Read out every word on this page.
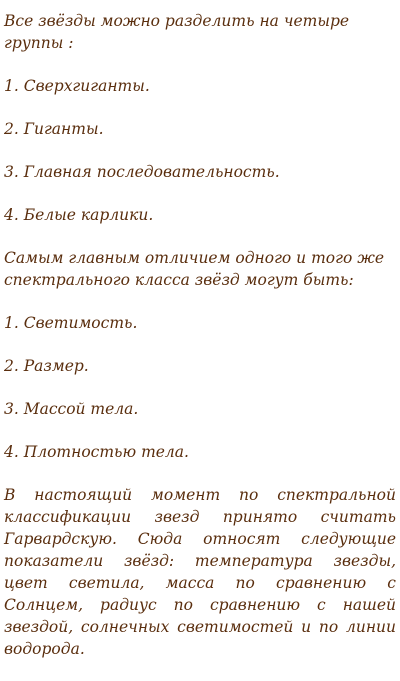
Все звёзды можно разделить на четыре группы :

1. Сверхгиганты.

2. Гиганты.

3. Главная последовательность.

4. Белые карлики.

Самым главным отличием одного и того же спектрального класса звёзд могут быть:

1. Светимость.

2. Размер.

3. Массой тела.

4. Плотностью тела.

В настоящий момент по спектральной классификации звезд принято считать Гарвардскую. Сюда относят следующие показатели звёзд: температура звезды, цвет светила, масса по сравнению с Солнцем, радиус по сравнению с нашей звездой, солнечных светимостей и по линии водорода.
